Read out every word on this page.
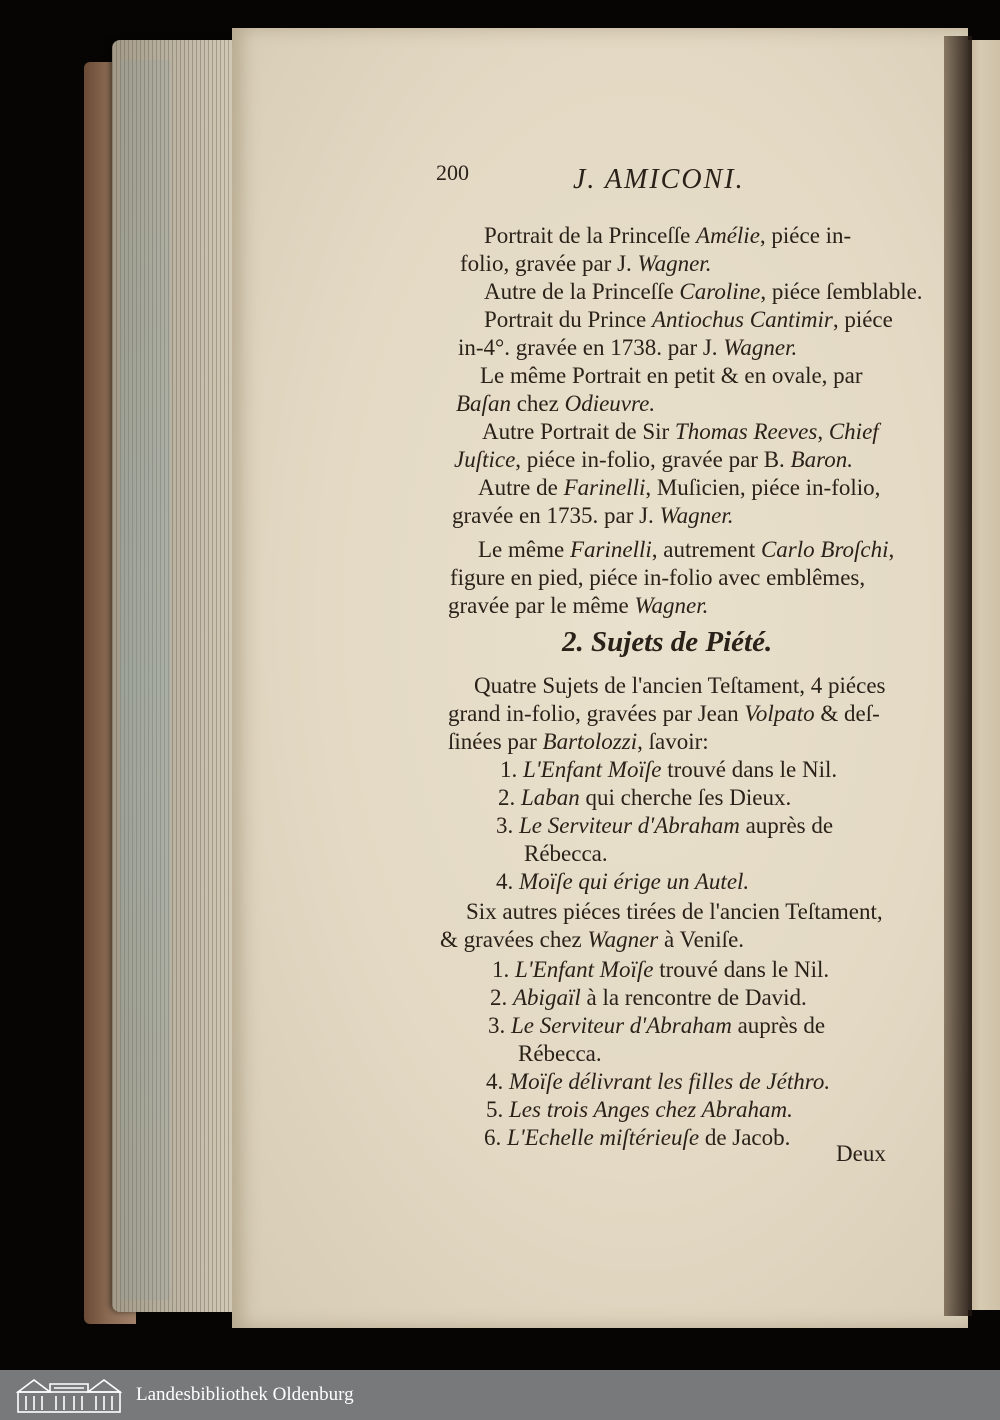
200	J. AMICONI.
2. Sujets de Piété.
Portrait de la Princeſſe Amélie, piéce in-
folio, gravée par J. Wagner.
Autre de la Princeſſe Caroline, piéce ſemblable.
Portrait du Prince Antiochus Cantimir, piéce
in-4°. gravée en 1738. par J. Wagner.
Le même Portrait en petit & en ovale, par
Baſan chez Odieuvre.
Autre Portrait de Sir Thomas Reeves, Chief
Juſtice, piéce in-folio, gravée par B. Baron.
Autre de Farinelli, Muſicien, piéce in-folio,
gravée en 1735. par J. Wagner.
Le même Farinelli, autrement Carlo Broſchi,
figure en pied, piéce in-folio avec emblêmes,
gravée par le même Wagner.
Quatre Sujets de l'ancien Teſtament, 4 piéces
grand in-folio, gravées par Jean Volpato & deſ-
ſinées par Bartolozzi, ſavoir:
1. L'Enfant Moïſe trouvé dans le Nil.
2. Laban qui cherche ſes Dieux.
3. Le Serviteur d'Abraham auprès de
Rébecca.
4. Moïſe qui érige un Autel.
Six autres piéces tirées de l'ancien Teſtament,
& gravées chez Wagner à Veniſe.
1. L'Enfant Moïſe trouvé dans le Nil.
2. Abigaïl à la rencontre de David.
3. Le Serviteur d'Abraham auprès de
Rébecca.
4. Moïſe délivrant les filles de Jéthro.
5. Les trois Anges chez Abraham.
6. L'Echelle miſtérieuſe de Jacob.
Deux
Landesbibliothek Oldenburg
